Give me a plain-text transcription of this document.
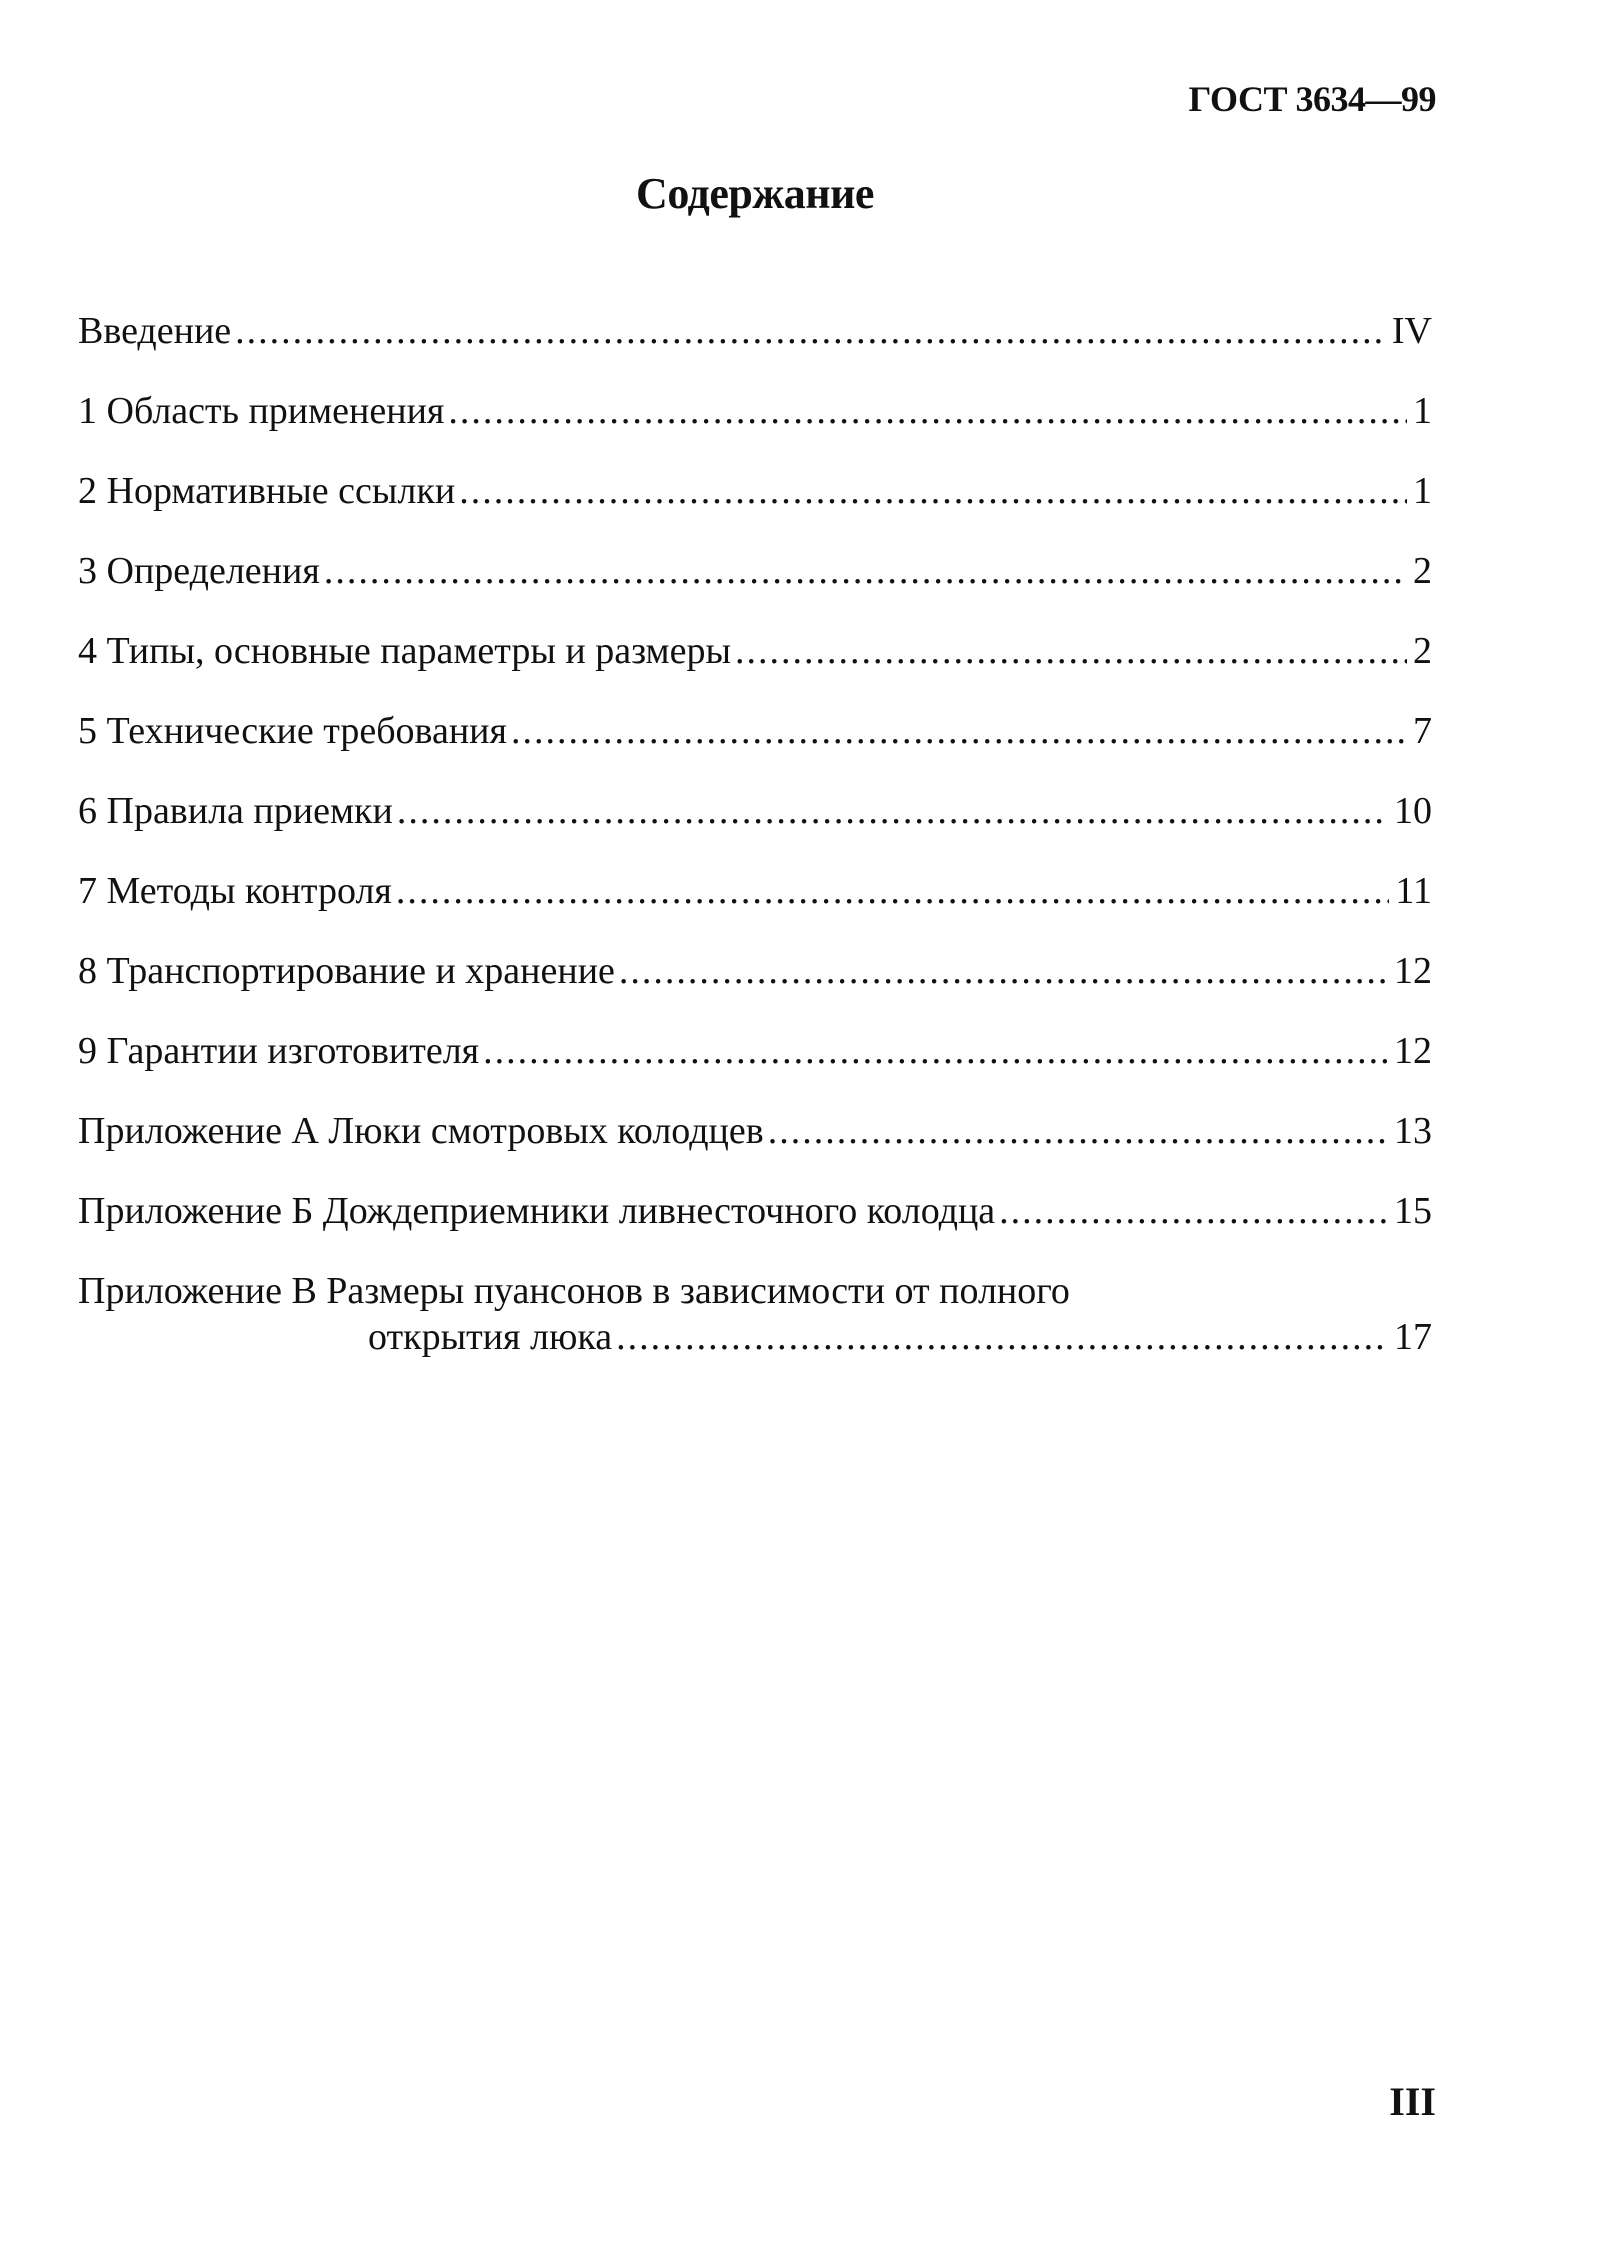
ГОСТ 3634—99
Содержание
Введение .....	IV
1 Область применения .....	1
2 Нормативные ссылки .....	1
3 Определения .....	2
4 Типы, основные параметры и размеры .....	2
5 Технические требования .....	7
6 Правила приемки .....	10
7 Методы контроля .....	11
8 Транспортирование и хранение .....	12
9 Гарантии изготовителя .....	12
Приложение А Люки смотровых колодцев .....	13
Приложение Б Дождеприемники ливнесточного колодца .....	15
Приложение В Размеры пуансонов в зависимости от полного
открытия люка .....	17
III
